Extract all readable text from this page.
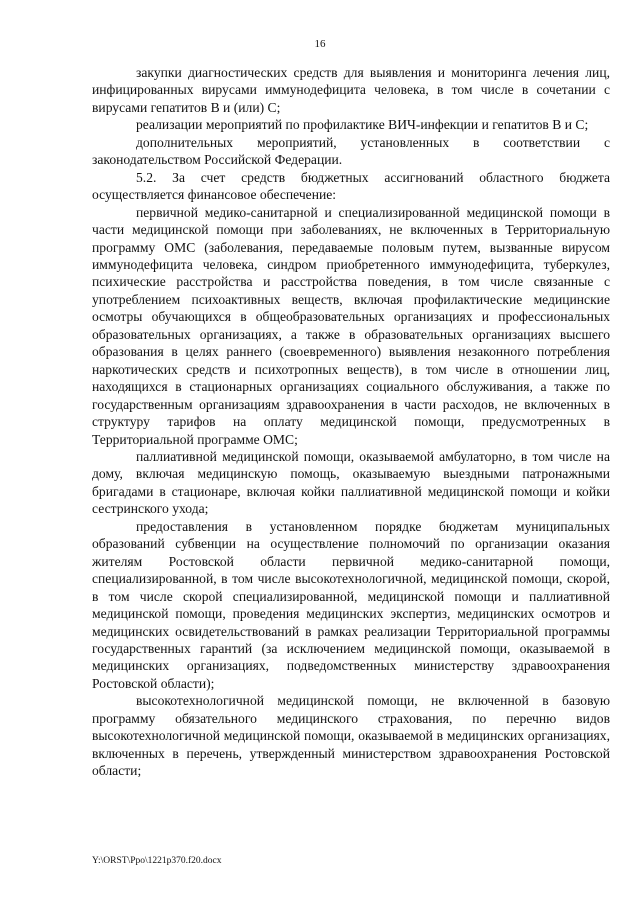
16

закупки диагностических средств для выявления и мониторинга лечения лиц, инфицированных вирусами иммунодефицита человека, в том числе в сочетании с вирусами гепатитов В и (или) С;

реализации мероприятий по профилактике ВИЧ-инфекции и гепатитов В и С;

дополнительных мероприятий, установленных в соответствии с законодательством Российской Федерации.

5.2. За счет средств бюджетных ассигнований областного бюджета осуществляется финансовое обеспечение:

первичной медико-санитарной и специализированной медицинской помощи в части медицинской помощи при заболеваниях, не включенных в Территориальную программу ОМС (заболевания, передаваемые половым путем, вызванные вирусом иммунодефицита человека, синдром приобретенного иммунодефицита, туберкулез, психические расстройства и расстройства поведения, в том числе связанные с употреблением психоактивных веществ, включая профилактические медицинские осмотры обучающихся в общеобразовательных организациях и профессиональных образовательных организациях, а также в образовательных организациях высшего образования в целях раннего (своевременного) выявления незаконного потребления наркотических средств и психотропных веществ), в том числе в отношении лиц, находящихся в стационарных организациях социального обслуживания, а также по государственным организациям здравоохранения в части расходов, не включенных в структуру тарифов на оплату медицинской помощи, предусмотренных в Территориальной программе ОМС;

паллиативной медицинской помощи, оказываемой амбулаторно, в том числе на дому, включая медицинскую помощь, оказываемую выездными патронажными бригадами в стационаре, включая койки паллиативной медицинской помощи и койки сестринского ухода;

предоставления в установленном порядке бюджетам муниципальных образований субвенции на осуществление полномочий по организации оказания жителям Ростовской области первичной медико-санитарной помощи, специализированной, в том числе высокотехнологичной, медицинской помощи, скорой, в том числе скорой специализированной, медицинской помощи и паллиативной медицинской помощи, проведения медицинских экспертиз, медицинских осмотров и медицинских освидетельствований в рамках реализации Территориальной программы государственных гарантий (за исключением медицинской помощи, оказываемой в медицинских организациях, подведомственных министерству здравоохранения Ростовской области);

высокотехнологичной медицинской помощи, не включенной в базовую программу обязательного медицинского страхования, по перечню видов высокотехнологичной медицинской помощи, оказываемой в медицинских организациях, включенных в перечень, утвержденный министерством здравоохранения Ростовской области;

Y:\ORST\Ppo\1221p370.f20.docx
